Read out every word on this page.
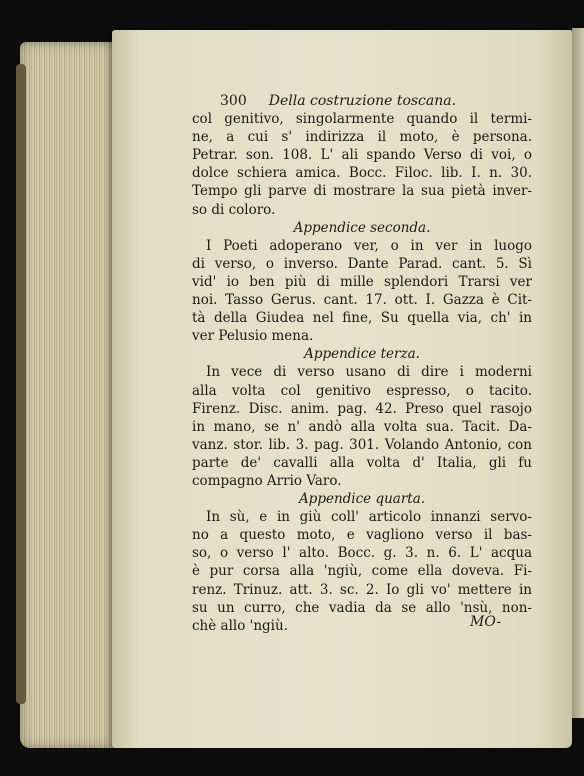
300 Della costruzione toscana.
col genitivo, singolarmente quando il termi-
ne, a cui s' indirizza il moto, è persona.
Petrar. son. 108. L' ali spando Verso di voi, o
dolce schiera amica. Bocc. Filoc. lib. I. n. 30.
Tempo gli parve di mostrare la sua pietà inver-
so di coloro.
Appendice seconda.
I Poeti adoperano ver, o in ver in luogo
di verso, o inverso. Dante Parad. cant. 5. Sì
vid' io ben più di mille splendori Trarsi ver
noi. Tasso Gerus. cant. 17. ott. I. Gazza è Cit-
tà della Giudea nel fine, Su quella via, ch' in
ver Pelusio mena.
Appendice terza.
In vece di verso usano di dire i moderni
alla volta col genitivo espresso, o tacito.
Firenz. Disc. anim. pag. 42. Preso quel rasojo
in mano, se n' andò alla volta sua. Tacit. Da-
vanz. stor. lib. 3. pag. 301. Volando Antonio, con
parte de' cavalli alla volta d' Italia, gli fu
compagno Arrio Varo.
Appendice quarta.
In sù, e in giù coll' articolo innanzi servo-
no a questo moto, e vagliono verso il bas-
so, o verso l' alto. Bocc. g. 3. n. 6. L' acqua
è pur corsa alla 'ngiù, come ella doveva. Fi-
renz. Trinuz. att. 3. sc. 2. Io gli vo' mettere in
su un curro, che vadia da se allo 'nsù, non-
chè allo 'ngiù.	MO-
